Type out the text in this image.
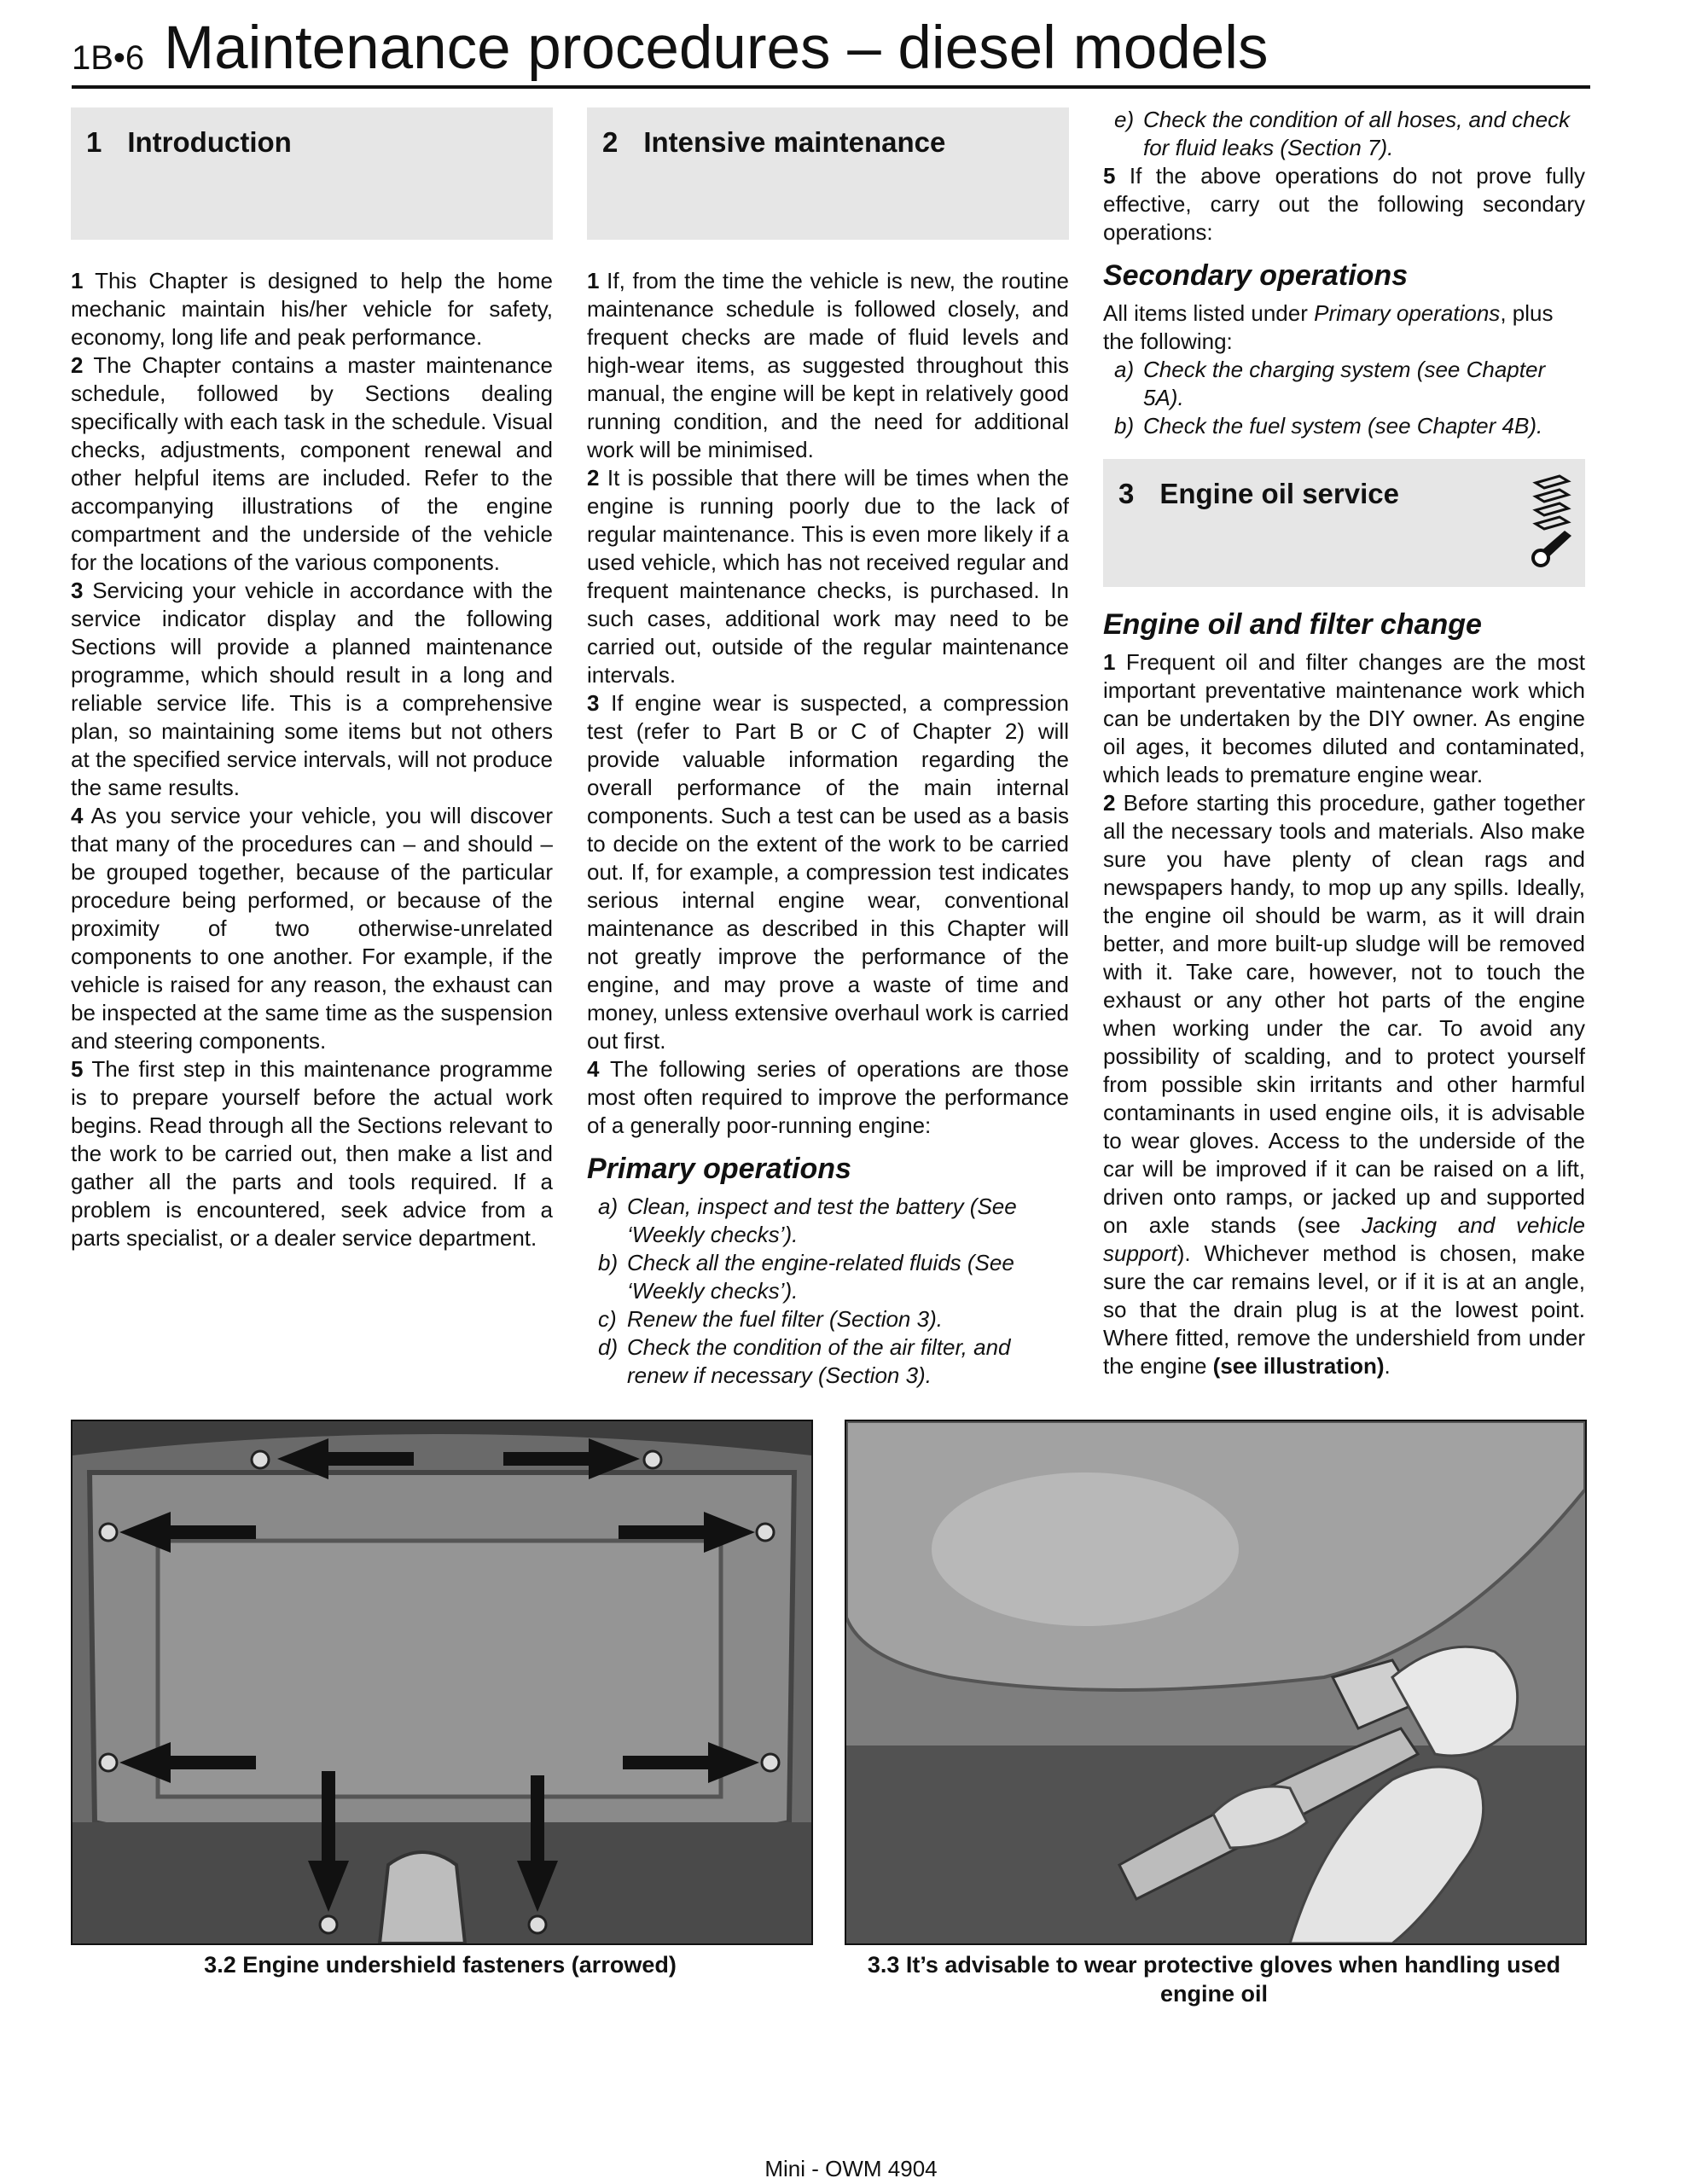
1B•6 Maintenance procedures – diesel models
1 Introduction

1 This Chapter is designed to help the home mechanic maintain his/her vehicle for safety, economy, long life and peak performance.

2 The Chapter contains a master maintenance schedule, followed by Sections dealing specifically with each task in the schedule. Visual checks, adjustments, component renewal and other helpful items are included. Refer to the accompanying illustrations of the engine compartment and the underside of the vehicle for the locations of the various components.

3 Servicing your vehicle in accordance with the service indicator display and the following Sections will provide a planned maintenance programme, which should result in a long and reliable service life. This is a comprehensive plan, so maintaining some items but not others at the specified service intervals, will not produce the same results.

4 As you service your vehicle, you will discover that many of the procedures can – and should – be grouped together, because of the particular procedure being performed, or because of the proximity of two otherwise-unrelated components to one another. For example, if the vehicle is raised for any reason, the exhaust can be inspected at the same time as the suspension and steering components.

5 The first step in this maintenance programme is to prepare yourself before the actual work begins. Read through all the Sections relevant to the work to be carried out, then make a list and gather all the parts and tools required. If a problem is encountered, seek advice from a parts specialist, or a dealer service department.

2 Intensive maintenance

1 If, from the time the vehicle is new, the routine maintenance schedule is followed closely, and frequent checks are made of fluid levels and high-wear items, as suggested throughout this manual, the engine will be kept in relatively good running condition, and the need for additional work will be minimised.

2 It is possible that there will be times when the engine is running poorly due to the lack of regular maintenance. This is even more likely if a used vehicle, which has not received regular and frequent maintenance checks, is purchased. In such cases, additional work may need to be carried out, outside of the regular maintenance intervals.

3 If engine wear is suspected, a compression test (refer to Part B or C of Chapter 2) will provide valuable information regarding the overall performance of the main internal components. Such a test can be used as a basis to decide on the extent of the work to be carried out. If, for example, a compression test indicates serious internal engine wear, conventional maintenance as described in this Chapter will not greatly improve the performance of the engine, and may prove a waste of time and money, unless extensive overhaul work is carried out first.

4 The following series of operations are those most often required to improve the performance of a generally poor-running engine:

Primary operations
a) Clean, inspect and test the battery (See ‘Weekly checks’).
b) Check all the engine-related fluids (See ‘Weekly checks’).
c) Renew the fuel filter (Section 3).
d) Check the condition of the air filter, and renew if necessary (Section 3).
e) Check the condition of all hoses, and check for fluid leaks (Section 7).

5 If the above operations do not prove fully effective, carry out the following secondary operations:

Secondary operations

All items listed under Primary operations, plus the following:

a) Check the charging system (see Chapter 5A).
b) Check the fuel system (see Chapter 4B).
3 Engine oil service
Engine oil and filter change

1 Frequent oil and filter changes are the most important preventative maintenance work which can be undertaken by the DIY owner. As engine oil ages, it becomes diluted and contaminated, which leads to premature engine wear.

2 Before starting this procedure, gather together all the necessary tools and materials. Also make sure you have plenty of clean rags and newspapers handy, to mop up any spills. Ideally, the engine oil should be warm, as it will drain better, and more built-up sludge will be removed with it. Take care, however, not to touch the exhaust or any other hot parts of the engine when working under the car. To avoid any possibility of scalding, and to protect yourself from possible skin irritants and other harmful contaminants in used engine oils, it is advisable to wear gloves. Access to the underside of the car will be improved if it can be raised on a lift, driven onto ramps, or jacked up and supported on axle stands (see Jacking and vehicle support). Whichever method is chosen, make sure the car remains level, or if it is at an angle, so that the drain plug is at the lowest point. Where fitted, remove the undershield from under the engine (see illustration).

3.2 Engine undershield fasteners (arrowed)	3.3 It’s advisable to wear protective gloves when handling used engine oil
Mini - OWM 4904
